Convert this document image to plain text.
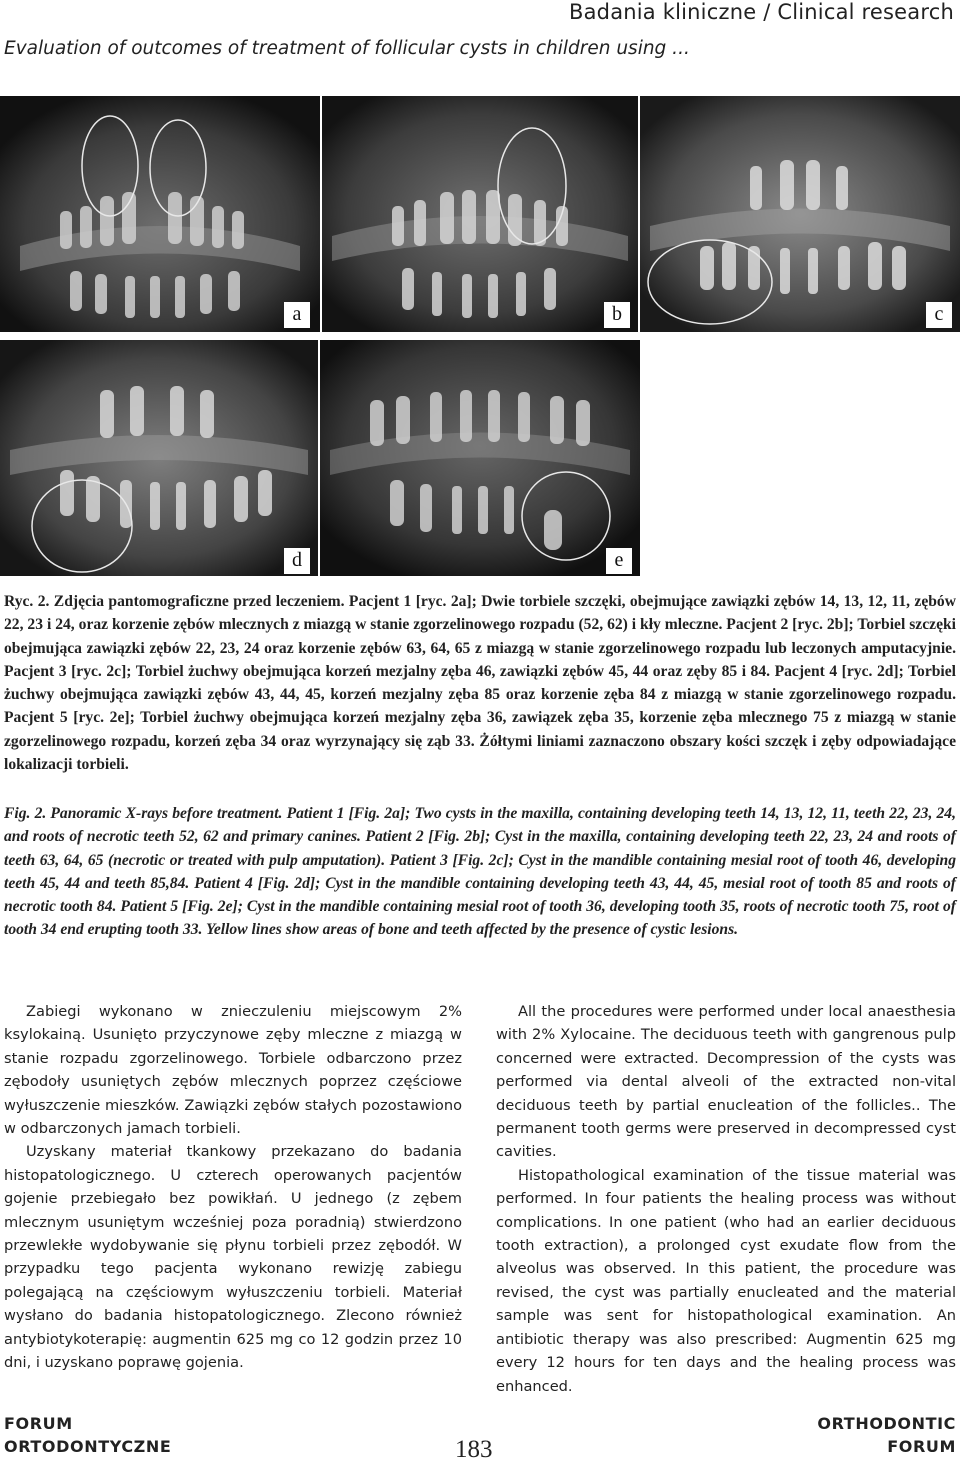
Badania kliniczne / Clinical research
Evaluation of outcomes of treatment of follicular cysts in children using ...
a	b	c
d	e
Ryc. 2. Zdjęcia pantomograficzne przed leczeniem. Pacjent 1 [ryc. 2a]; Dwie torbiele szczęki, obejmujące zawiązki zębów 14, 13, 12, 11, zębów 22, 23 i 24, oraz korzenie zębów mlecznych z miazgą w stanie zgorzelinowego rozpadu (52, 62) i kły mleczne. Pacjent 2 [ryc. 2b]; Torbiel szczęki obejmująca zawiązki zębów 22, 23, 24 oraz korzenie zębów 63, 64, 65 z miazgą w stanie zgorzelinowego rozpadu lub leczonych amputacyjnie. Pacjent 3 [ryc. 2c]; Torbiel żuchwy obejmująca korzeń mezjalny zęba 46, zawiązki zębów 45, 44 oraz zęby 85 i 84. Pacjent 4 [ryc. 2d]; Torbiel żuchwy obejmująca zawiązki zębów 43, 44, 45, korzeń mezjalny zęba 85 oraz korzenie zęba 84 z miazgą w stanie zgorzelinowego rozpadu. Pacjent 5 [ryc. 2e]; Torbiel żuchwy obejmująca korzeń mezjalny zęba 36, zawiązek zęba 35, korzenie zęba mlecznego 75 z miazgą w stanie zgorzelinowego rozpadu, korzeń zęba 34 oraz wyrzynający się ząb 33. Żółtymi liniami zaznaczono obszary kości szczęk i zęby odpowiadające lokalizacji torbieli.
Fig. 2. Panoramic X-rays before treatment. Patient 1 [Fig. 2a]; Two cysts in the maxilla, containing developing teeth 14, 13, 12, 11, teeth 22, 23, 24, and roots of necrotic teeth 52, 62 and primary canines. Patient 2 [Fig. 2b]; Cyst in the maxilla, containing developing teeth 22, 23, 24 and roots of teeth 63, 64, 65 (necrotic or treated with pulp amputation). Patient 3 [Fig. 2c]; Cyst in the mandible containing mesial root of tooth 46, developing teeth 45, 44 and teeth 85,84. Patient 4 [Fig. 2d]; Cyst in the mandible containing developing teeth 43, 44, 45, mesial root of tooth 85 and roots of necrotic tooth 84. Patient 5 [Fig. 2e]; Cyst in the mandible containing mesial root of tooth 36, developing tooth 35, roots of necrotic tooth 75, root of tooth 34 end erupting tooth 33. Yellow lines show areas of bone and teeth affected by the presence of cystic lesions.

Zabiegi wykonano w znieczuleniu miejscowym 2% ksylokainą. Usunięto przyczynowe zęby mleczne z miazgą w stanie rozpadu zgorzelinowego. Torbiele odbarczono przez zębodoły usuniętych zębów mlecznych poprzez częściowe wyłuszczenie mieszków. Zawiązki zębów stałych pozostawiono w odbarczonych jamach torbieli.

Uzyskany materiał tkankowy przekazano do badania histopatologicznego. U czterech operowanych pacjentów gojenie przebiegało bez powikłań. U jednego (z zębem mlecznym usuniętym wcześniej poza poradnią) stwierdzono przewlekłe wydobywanie się płynu torbieli przez zębodół. W przypadku tego pacjenta wykonano rewizję zabiegu polegającą na częściowym wyłuszczeniu torbieli. Materiał wysłano do badania histopatologicznego. Zlecono również antybiotykoterapię: augmentin 625 mg co 12 godzin przez 10 dni, i uzyskano poprawę gojenia.

All the procedures were performed under local anaesthesia with 2% Xylocaine. The deciduous teeth with gangrenous pulp concerned were extracted. Decompression of the cysts was performed via dental alveoli of the extracted non-vital deciduous teeth by partial enucleation of the follicles.. The permanent tooth germs were preserved in decompressed cyst cavities.

Histopathological examination of the tissue material was performed. In four patients the healing process was without complications. In one patient (who had an earlier deciduous tooth extraction), a prolonged cyst exudate flow from the alveolus was observed. In this patient, the procedure was revised, the cyst was partially enucleated and the material sample was sent for histopathological examination. An antibiotic therapy was also prescribed: Augmentin 625 mg every 12 hours for ten days and the healing process was enhanced.

FORUM
ORTODONTYCZNE	183
ORTHODONTIC
FORUM
